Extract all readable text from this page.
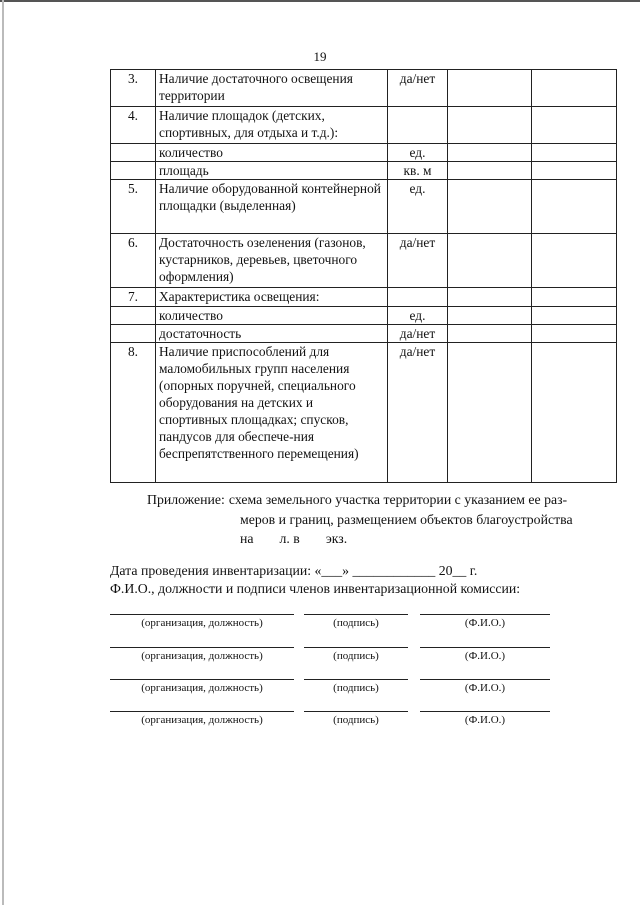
19
3.	Наличие достаточного освещения территории	да/нет		
4.	Наличие площадок (детских, спортивных, для отдыха и т.д.):			
	количество	ед.		
	площадь	кв. м		
5.	Наличие оборудованной контейнерной площадки (выделенная)	ед.		
6.	Достаточность озеленения (газонов, кустарников, деревьев, цветочного оформления)	да/нет		
7.	Характеристика освещения:			
	количество	ед.		
	достаточность	да/нет		
8.	Наличие приспособлений для маломобильных групп населения (опорных поручней, специального оборудования на детских и спортивных площадках; спусков, пандусов для обеспече-ния беспрепятственного перемещения)	да/нет		
Приложение: схема земельного участка территории с указанием ее раз-
меров и границ, размещением объектов благоустройства
на л. в экз.
Дата проведения инвентаризации: «___» ____________ 20__ г.
Ф.И.О., должности и подписи членов инвентаризационной комиссии:
(организация, должность)	(подпись)	(Ф.И.О.)
(организация, должность)	(подпись)	(Ф.И.О.)
(организация, должность)	(подпись)	(Ф.И.О.)
(организация, должность)	(подпись)	(Ф.И.О.)
